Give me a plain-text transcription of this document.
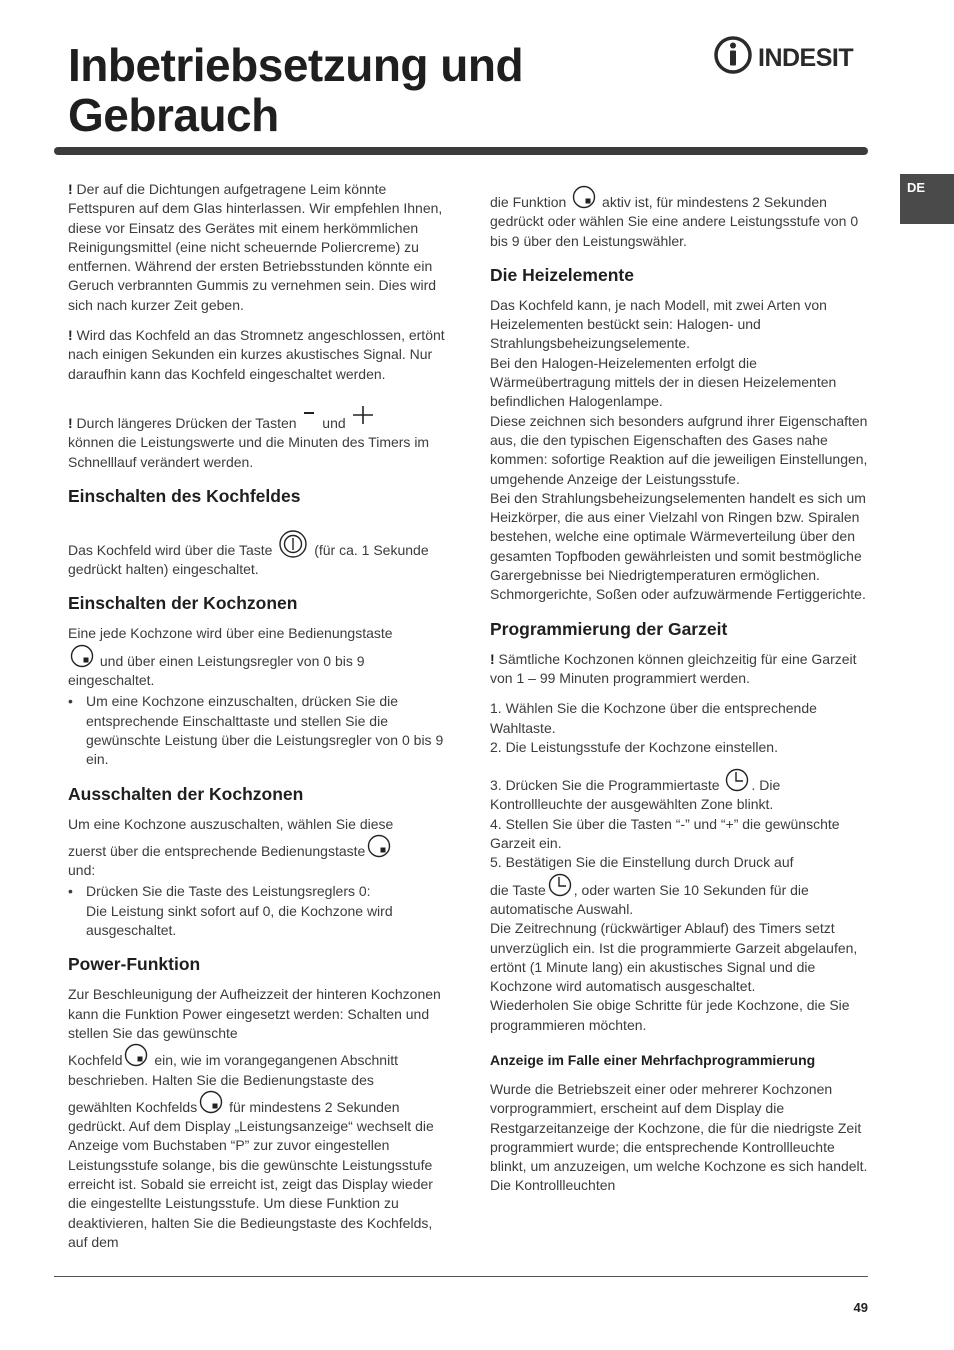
Inbetriebsetzung und
Gebrauch
INDESIT
DE

! Der auf die Dichtungen aufgetragene Leim könnte Fettspuren auf dem Glas hinterlassen. Wir empfehlen Ihnen, diese vor Einsatz des Gerätes mit einem herkömmlichen Reinigungsmittel (eine nicht scheuernde Poliercreme) zu entfernen. Während der ersten Betriebsstunden könnte ein Geruch verbrannten Gummis zu vernehmen sein. Dies wird sich nach kurzer Zeit geben.

! Wird das Kochfeld an das Stromnetz angeschlossen, ertönt nach einigen Sekunden ein kurzes akustisches Signal. Nur daraufhin kann das Kochfeld eingeschaltet werden.

! Durch längeres Drücken der Tasten
und

können die Leistungswerte und die Minuten des Timers im Schnelllauf verändert werden.

Einschalten des Kochfeldes

Das Kochfeld wird über die Taste
(für ca. 1 Sekunde gedrückt halten) eingeschaltet.

Einschalten der Kochzonen

Eine jede Kochzone wird über eine Bedienungstaste

und über einen Leistungsregler von 0 bis 9 eingeschaltet.

• Um eine Kochzone einzuschalten, drücken Sie die entsprechende Einschalttaste und stellen Sie die gewünschte Leistung über die Leistungsregler von 0 bis 9 ein.
Ausschalten der Kochzonen

Um eine Kochzone auszuschalten, wählen Sie diese
zuerst über die entsprechende Bedienungstaste

und:

• Drücken Sie die Taste des Leistungsreglers 0:
Die Leistung sinkt sofort auf 0, die Kochzone wird ausgeschaltet.
Power-Funktion

Zur Beschleunigung der Aufheizzeit der hinteren Kochzonen kann die Funktion Power eingesetzt werden: Schalten und stellen Sie das gewünschte
Kochfeld
ein, wie im vorangegangenen Abschnitt beschrieben. Halten Sie die Bedienungstaste des
gewählten Kochfelds
für mindestens 2 Sekunden gedrückt. Auf dem Display „Leistungsanzeige“ wechselt die Anzeige vom Buchstaben “P” zur zuvor eingestellen Leistungsstufe solange, bis die gewünschte Leistungsstufe erreicht ist. Sobald sie erreicht ist, zeigt das Display wieder die eingestellte Leistungsstufe. Um diese Funktion zu deaktivieren, halten Sie die Bedieungstaste des Kochfelds, auf dem

die Funktion
aktiv ist, für mindestens 2 Sekunden gedrückt oder wählen Sie eine andere Leistungsstufe von 0 bis 9 über den Leistungswähler.

Die Heizelemente

Das Kochfeld kann, je nach Modell, mit zwei Arten von Heizelementen bestückt sein: Halogen- und Strahlungsbeheizungselemente.
Bei den Halogen-Heizelementen erfolgt die Wärmeübertragung mittels der in diesen Heizelementen befindlichen Halogenlampe.
Diese zeichnen sich besonders aufgrund ihrer Eigenschaften aus, die den typischen Eigenschaften des Gases nahe kommen: sofortige Reaktion auf die jeweiligen Einstellungen, umgehende Anzeige der Leistungsstufe.
Bei den Strahlungsbeheizungselementen handelt es sich um Heizkörper, die aus einer Vielzahl von Ringen bzw. Spiralen bestehen, welche eine optimale Wärmeverteilung über den gesamten Topfboden gewährleisten und somit bestmögliche Garergebnisse bei Niedrigtemperaturen ermöglichen. Schmorgerichte, Soßen oder aufzuwärmende Fertiggerichte.

Programmierung der Garzeit

! Sämtliche Kochzonen können gleichzeitig für eine Garzeit von 1 – 99 Minuten programmiert werden.

1. Wählen Sie die Kochzone über die entsprechende Wahltaste.
2. Die Leistungsstufe der Kochzone einstellen.

3. Drücken Sie die Programmiertaste
. Die Kontrollleuchte der ausgewählten Zone blinkt.
4. Stellen Sie über die Tasten “-” und “+” die gewünschte Garzeit ein.
5. Bestätigen Sie die Einstellung durch Druck auf
die Taste
, oder warten Sie 10 Sekunden für die automatische Auswahl.
Die Zeitrechnung (rückwärtiger Ablauf) des Timers setzt unverzüglich ein. Ist die programmierte Garzeit abgelaufen, ertönt (1 Minute lang) ein akustisches Signal und die Kochzone wird automatisch ausgeschaltet.
Wiederholen Sie obige Schritte für jede Kochzone, die Sie programmieren möchten.

Anzeige im Falle einer Mehrfachprogrammierung

Wurde die Betriebszeit einer oder mehrerer Kochzonen vorprogrammiert, erscheint auf dem Display die Restgarzeitanzeige der Kochzone, die für die niedrigste Zeit programmiert wurde; die entsprechende Kontrollleuchte blinkt, um anzuzeigen, um welche Kochzone es sich handelt. Die Kontrollleuchten

49
